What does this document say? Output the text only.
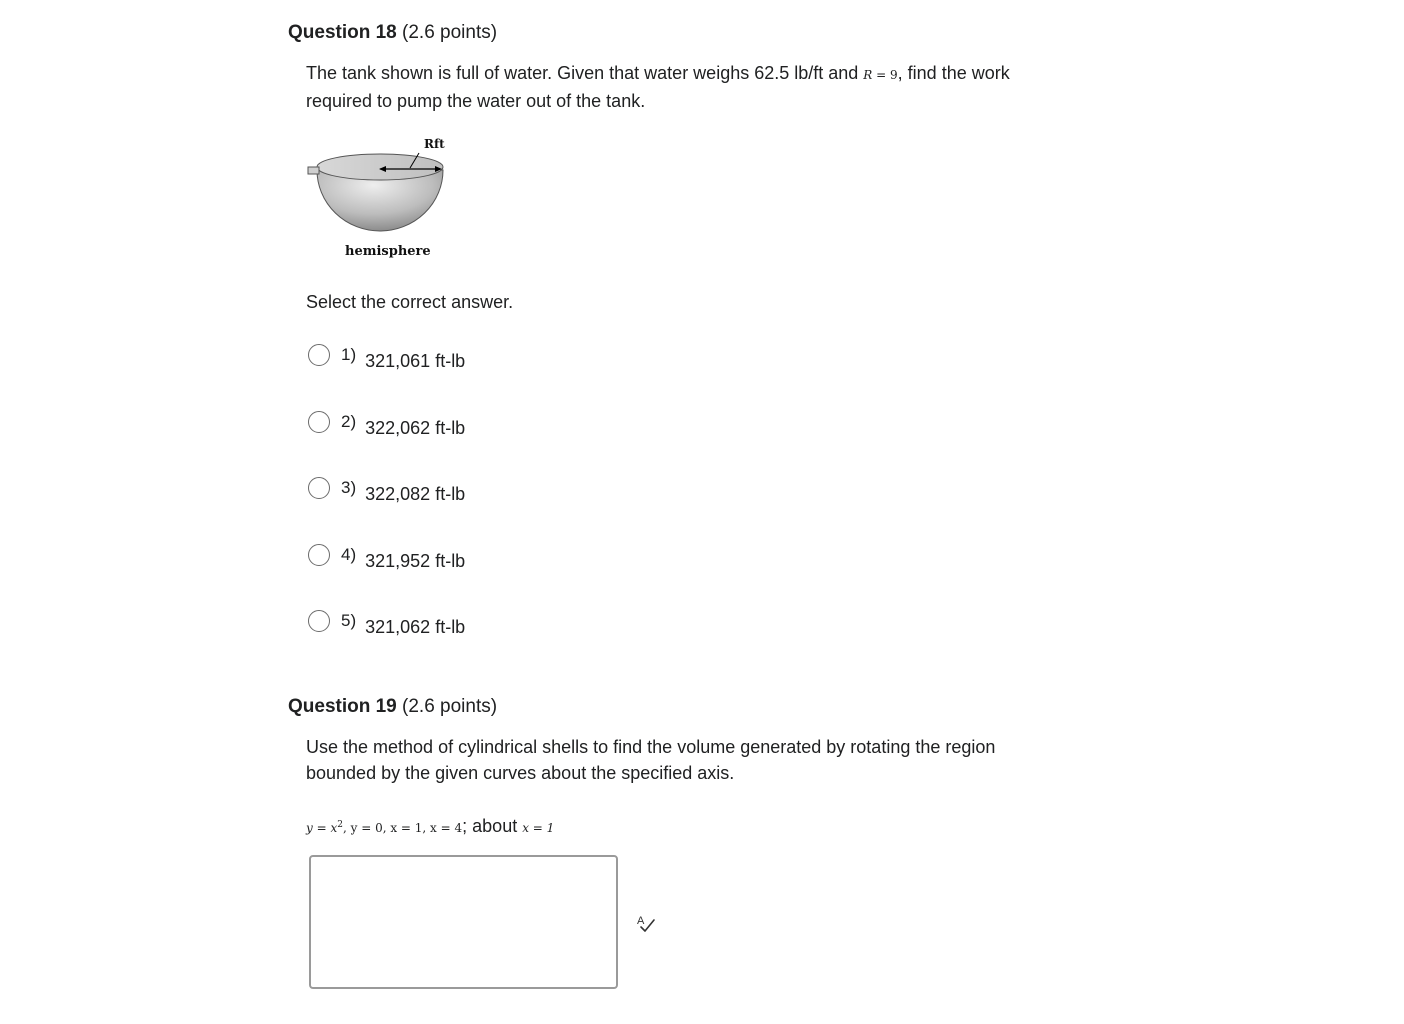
Question 18 (2.6 points)
The tank shown is full of water. Given that water weighs 62.5 lb/ft and R = 9, find the work required to pump the water out of the tank.
Rft
hemisphere
Select the correct answer.
1) 321,061 ft-lb
2) 322,062 ft-lb
3) 322,082 ft-lb
4) 321,952 ft-lb
5) 321,062 ft-lb
Question 19 (2.6 points)
Use the method of cylindrical shells to find the volume generated by rotating the region bounded by the given curves about the specified axis.
$y = x^2$, y = 0, x = 1, x = 4; about x = 1
A
